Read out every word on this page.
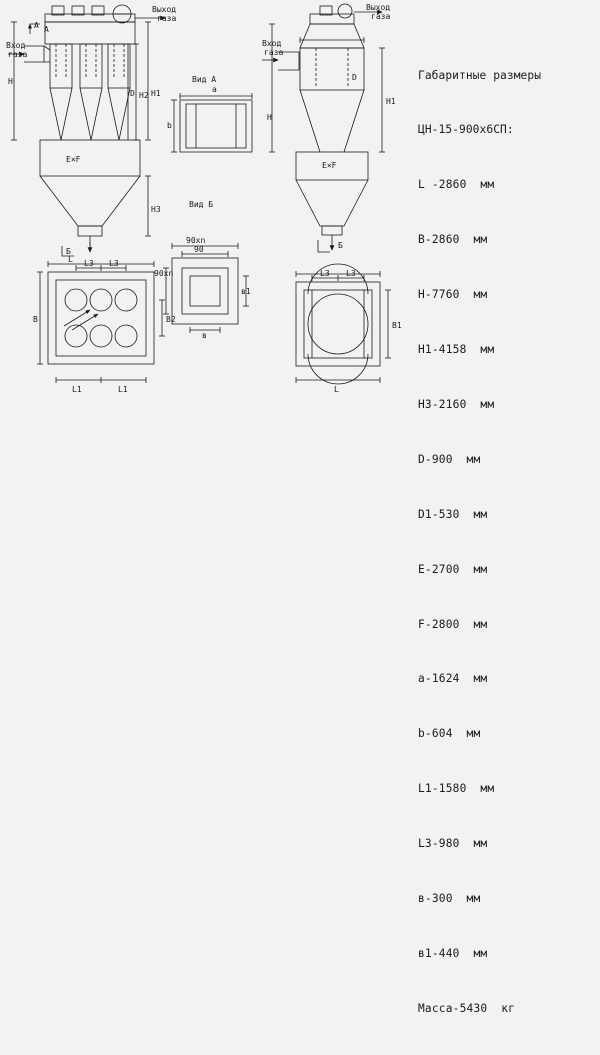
Выход
газа
Вход
газа
А А
H
D H2 H1
H3
E×F
Б
Вид А
a
b
Вид Б
90хn
90
90хn
в
в1
Выход
газа
Вход
газа
H
H1
D
E×F
Б
L L3 L3
B	B2
L1	L1
L3 L3
B1
L

Габаритные размеры

ЦН-15-900х6СП:

L -2860  мм

B-2860  мм

H-7760  мм

H1-4158  мм

H3-2160  мм

D-900  мм

D1-530  мм

E-2700  мм

F-2800  мм

a-1624  мм

b-604  мм

L1-1580  мм

L3-980  мм

в-300  мм

в1-440  мм

Масса-5430  кг
